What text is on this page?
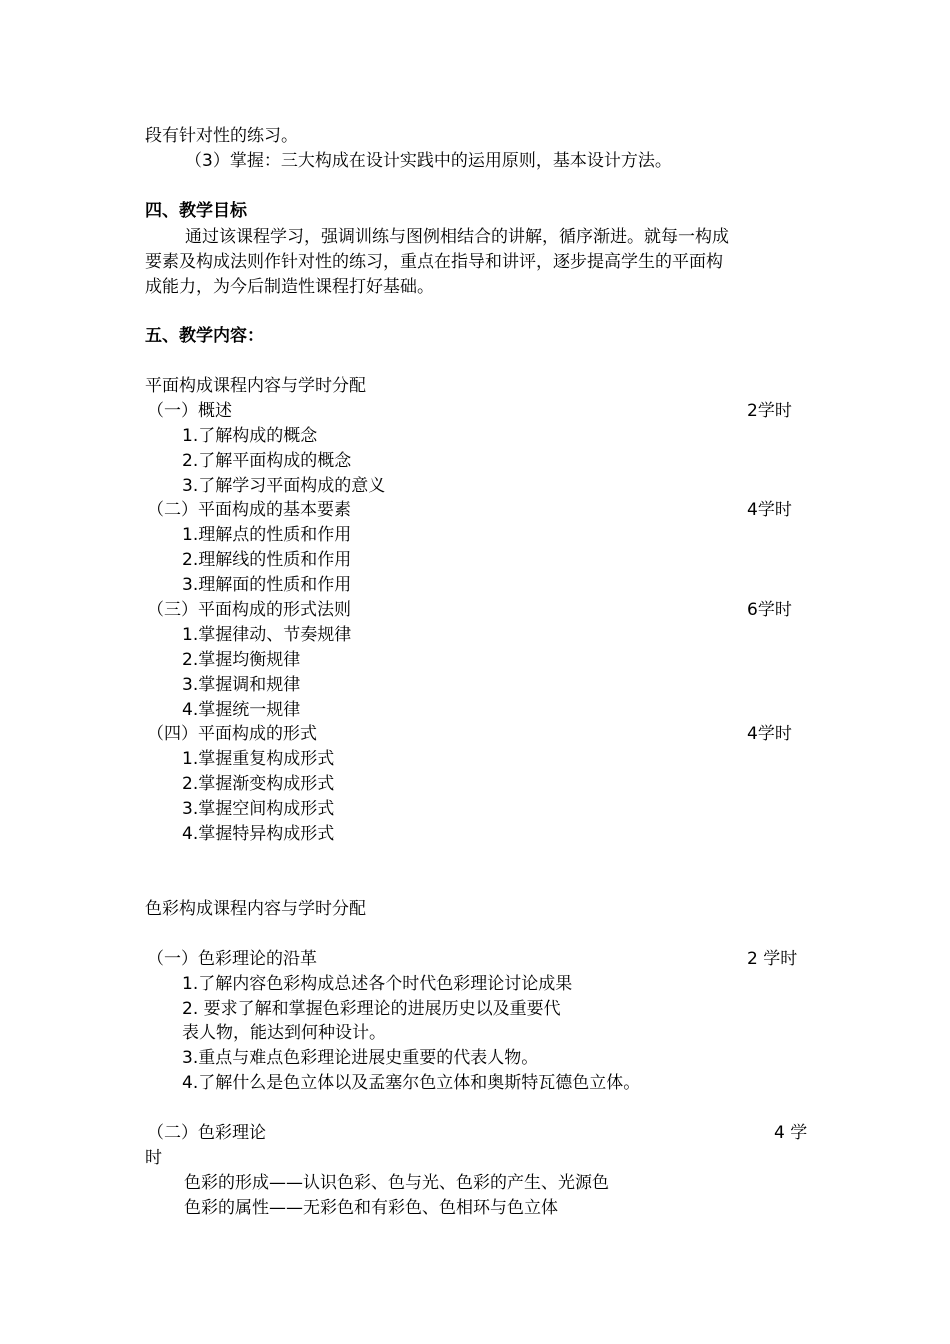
段有针对性的练习。
（3）掌握：三大构成在设计实践中的运用原则，基本设计方法。
四、教学目标
通过该课程学习，强调训练与图例相结合的讲解，循序渐进。就每一构成
要素及构成法则作针对性的练习，重点在指导和讲评，逐步提高学生的平面构
成能力，为今后制造性课程打好基础。
五、教学内容：
平面构成课程内容与学时分配
（一）概述	2学时
1.了解构成的概念
2.了解平面构成的概念
3.了解学习平面构成的意义
（二）平面构成的基本要素	4学时
1.理解点的性质和作用
2.理解线的性质和作用
3.理解面的性质和作用
（三）平面构成的形式法则	6学时
1.掌握律动、节奏规律
2.掌握均衡规律
3.掌握调和规律
4.掌握统一规律
（四）平面构成的形式	4学时
1.掌握重复构成形式
2.掌握渐变构成形式
3.掌握空间构成形式
4.掌握特异构成形式
色彩构成课程内容与学时分配
（一）色彩理论的沿革	2 学时
1.了解内容色彩构成总述各个时代色彩理论讨论成果
2. 要求了解和掌握色彩理论的进展历史以及重要代
表人物，能达到何种设计。
3.重点与难点色彩理论进展史重要的代表人物。
4.了解什么是色立体以及孟塞尔色立体和奥斯特瓦德色立体。
（二）色彩理论	4 学
时
色彩的形成——认识色彩、色与光、色彩的产生、光源色
色彩的属性——无彩色和有彩色、色相环与色立体
